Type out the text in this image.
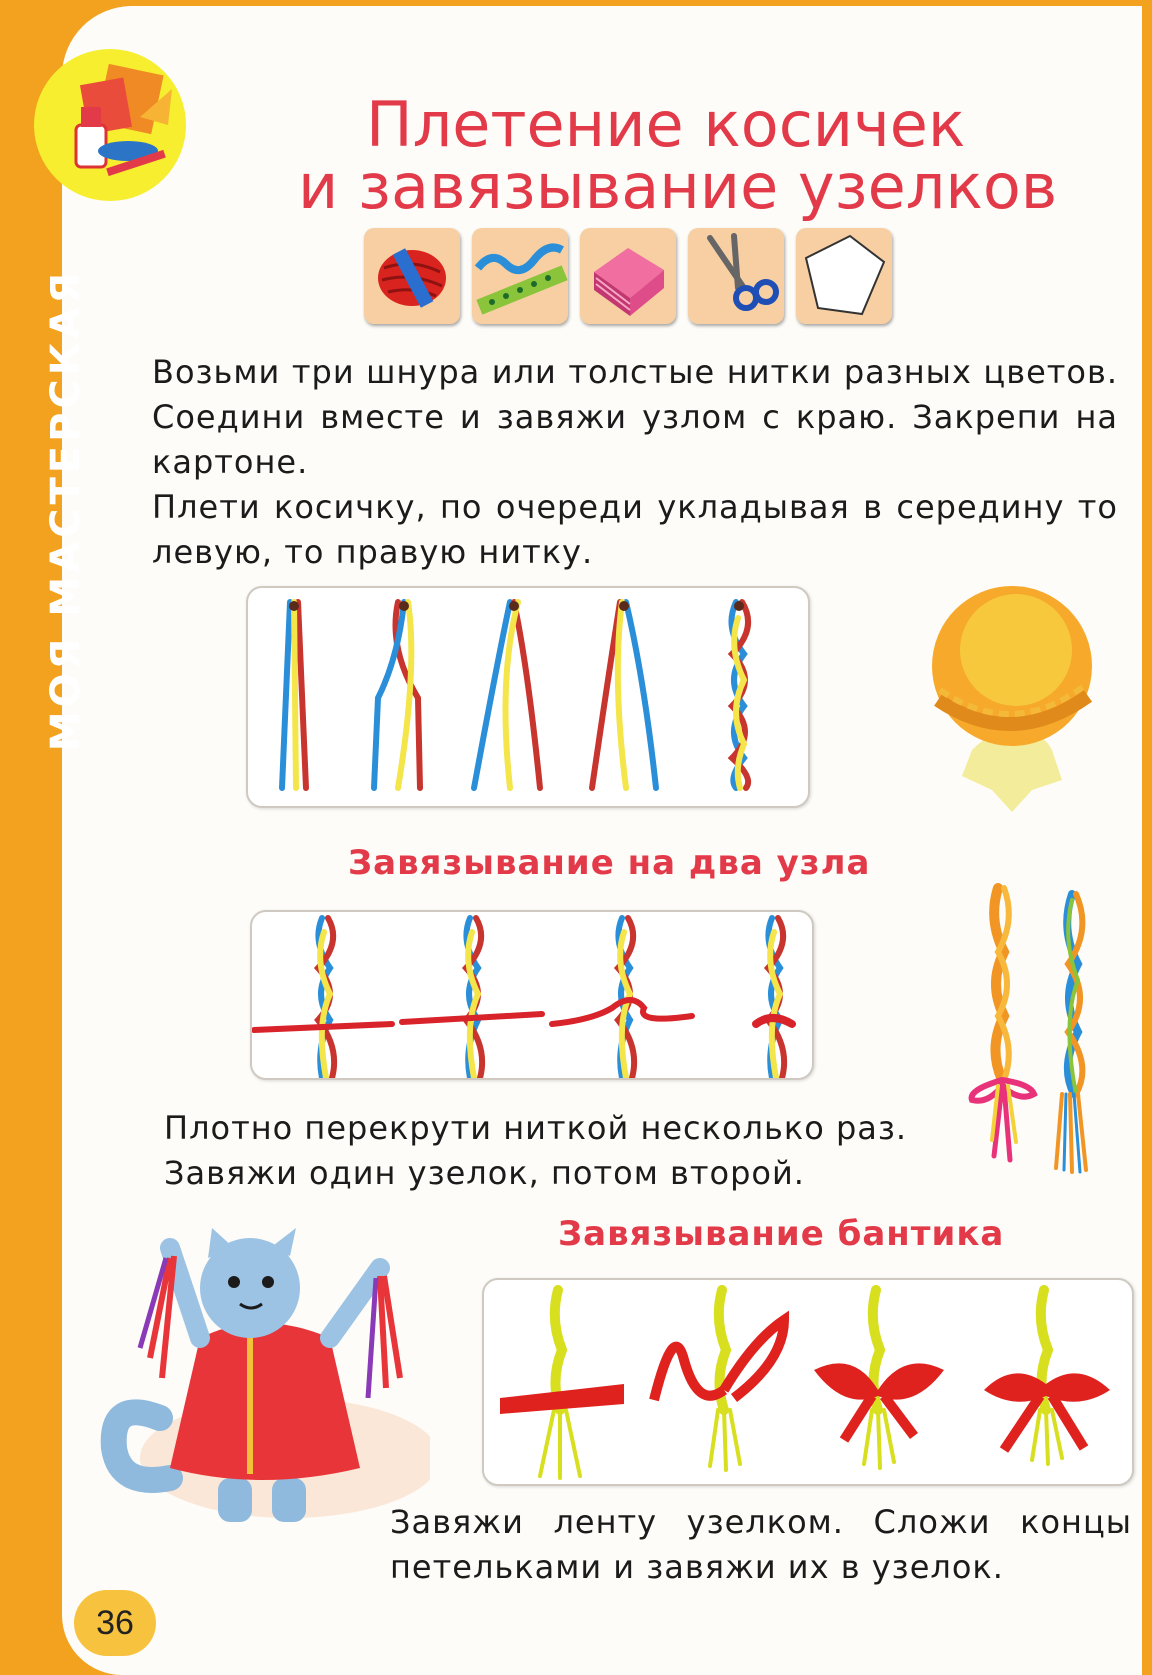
МОЯ МАСТЕРСКАЯ
Плетение косичек
и завязывание узелков

Возьми три шнура или толстые нитки разных цветов. Соедини вместе и завяжи узлом с краю. Закрепи на картоне.

Плети косичку, по очереди укладывая в середину то левую, то правую нитку.

Завязывание на два узла
Плотно перекрути ниткой несколько раз.
Завяжи один узелок, потом второй.
Завязывание бантика

Завяжи ленту узелком. Сложи концы петельками и завяжи их в узелок.

36
